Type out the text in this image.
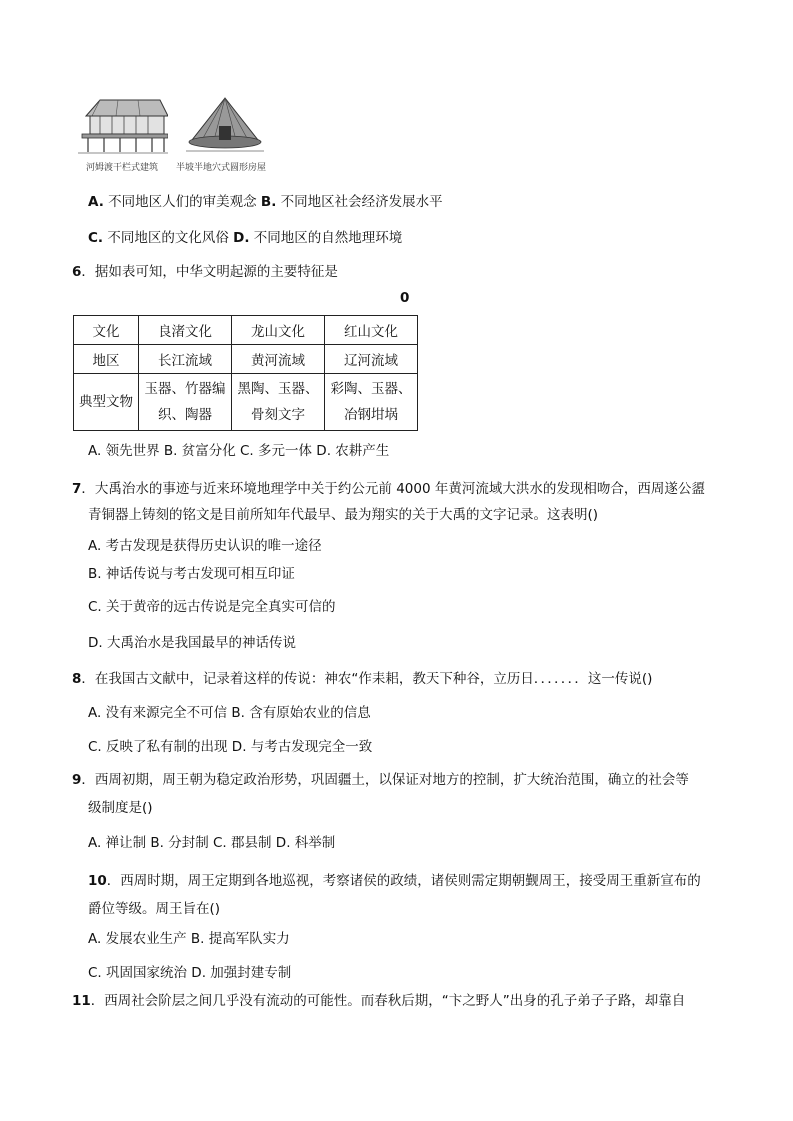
河姆渡干栏式建筑 半坡半地穴式圆形房屋
A. 不同地区人们的审美观念 B. 不同地区社会经济发展水平
C. 不同地区的文化风俗 D. 不同地区的自然地理环境
6．据如表可知，中华文明起源的主要特征是
0
文化	良渚文化	龙山文化	红山文化
地区	长江流域	黄河流域	辽河流域
典型文物	玉器、竹器编织、陶器	黑陶、玉器、骨刻文字	彩陶、玉器、冶钢坩埚
A. 领先世界 B. 贫富分化 C. 多元一体 D. 农耕产生
7．大禹治水的事迹与近来环境地理学中关于约公元前 4000 年黄河流域大洪水的发现相吻合，西周遂公盨
青铜器上铸刻的铭文是目前所知年代最早、最为翔实的关于大禹的文字记录。这表明()
A. 考古发现是获得历史认识的唯一途径
B. 神话传说与考古发现可相互印证
C. 关于黄帝的远古传说是完全真实可信的
D. 大禹治水是我国最早的神话传说
8．在我国古文献中，记录着这样的传说：神农“作耒耜，教天下种谷，立历日．．．．．．．这一传说()
A. 没有来源完全不可信 B. 含有原始农业的信息
C. 反映了私有制的出现 D. 与考古发现完全一致
9．西周初期，周王朝为稳定政治形势，巩固疆土，以保证对地方的控制，扩大统治范围，确立的社会等
级制度是()
A. 禅让制 B. 分封制 C. 郡县制 D. 科举制
10．西周时期，周王定期到各地巡视，考察诸侯的政绩，诸侯则需定期朝觐周王，接受周王重新宣布的
爵位等级。周王旨在()
A. 发展农业生产 B. 提高军队实力
C. 巩固国家统治 D. 加强封建专制
11．西周社会阶层之间几乎没有流动的可能性。而春秋后期，“卞之野人”出身的孔子弟子子路，却靠自
